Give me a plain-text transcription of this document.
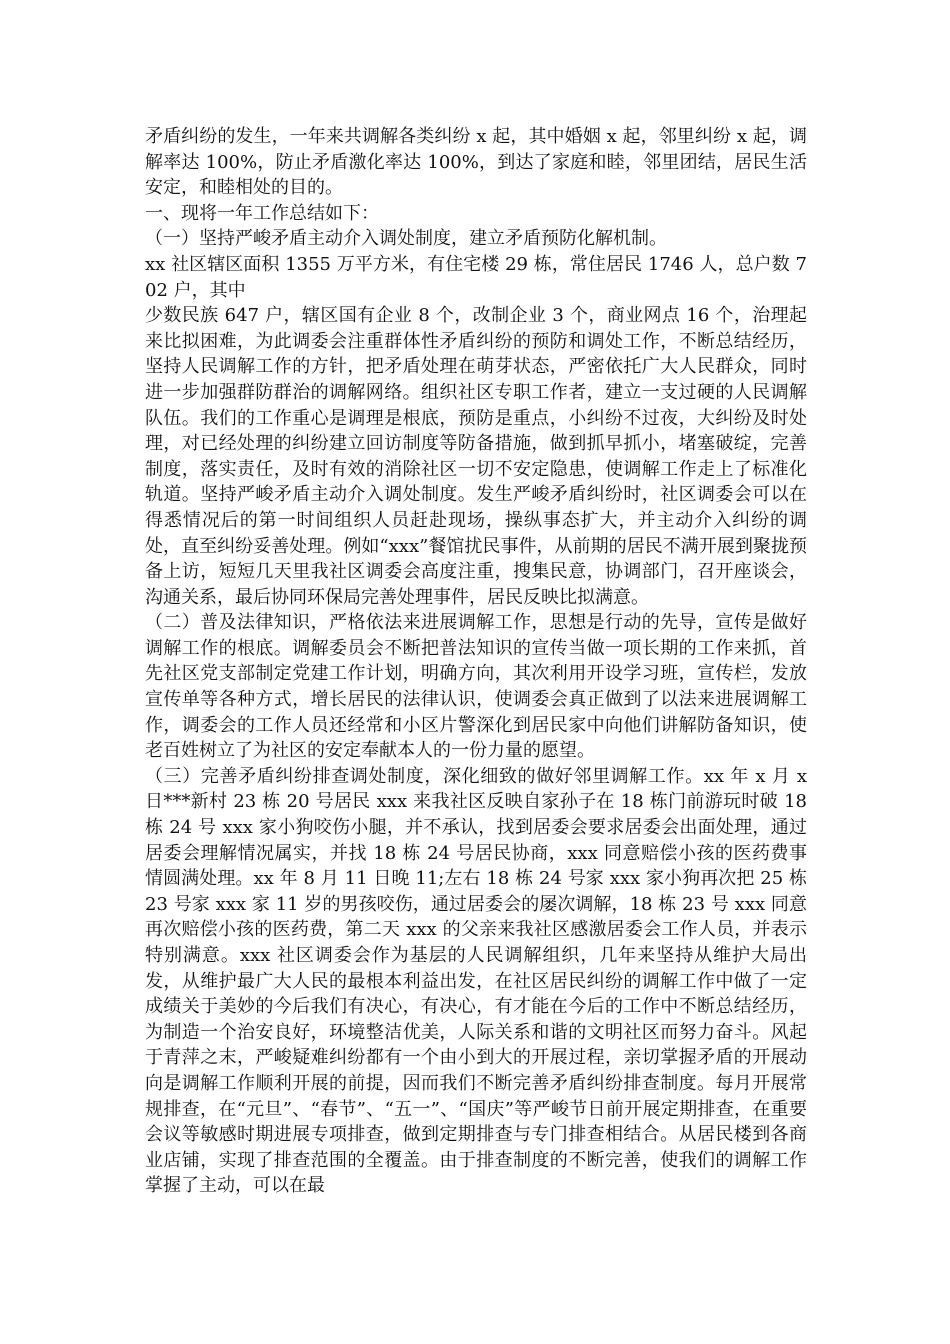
矛盾纠纷的发生，一年来共调解各类纠纷 x 起，其中婚姻 x 起，邻里纠纷 x 起，调解率达 100%，防止矛盾激化率达 100%，到达了家庭和睦，邻里团结，居民生活安定，和睦相处的目的。

一、现将一年工作总结如下：

（一）坚持严峻矛盾主动介入调处制度，建立矛盾预防化解机制。

xx 社区辖区面积 1355 万平方米，有住宅楼 29 栋，常住居民 1746 人，总户数 702 户，其中

少数民族 647 户，辖区国有企业 8 个，改制企业 3 个，商业网点 16 个，治理起来比拟困难，为此调委会注重群体性矛盾纠纷的预防和调处工作，不断总结经历，坚持人民调解工作的方针，把矛盾处理在萌芽状态，严密依托广大人民群众，同时进一步加强群防群治的调解网络。组织社区专职工作者，建立一支过硬的人民调解队伍。我们的工作重心是调理是根底，预防是重点，小纠纷不过夜，大纠纷及时处理，对已经处理的纠纷建立回访制度等防备措施，做到抓早抓小，堵塞破绽，完善制度，落实责任，及时有效的消除社区一切不安定隐患，使调解工作走上了标准化轨道。坚持严峻矛盾主动介入调处制度。发生严峻矛盾纠纷时，社区调委会可以在得悉情况后的第一时间组织人员赶赴现场，操纵事态扩大，并主动介入纠纷的调处，直至纠纷妥善处理。例如“xxx”餐馆扰民事件，从前期的居民不满开展到聚拢预备上访，短短几天里我社区调委会高度注重，搜集民意，协调部门，召开座谈会，沟通关系，最后协同环保局完善处理事件，居民反映比拟满意。

（二）普及法律知识，严格依法来进展调解工作，思想是行动的先导，宣传是做好调解工作的根底。调解委员会不断把普法知识的宣传当做一项长期的工作来抓，首先社区党支部制定党建工作计划，明确方向，其次利用开设学习班，宣传栏，发放宣传单等各种方式，增长居民的法律认识，使调委会真正做到了以法来进展调解工作，调委会的工作人员还经常和小区片警深化到居民家中向他们讲解防备知识，使老百姓树立了为社区的安定奉献本人的一份力量的愿望。

（三）完善矛盾纠纷排查调处制度，深化细致的做好邻里调解工作。xx 年 x 月 x 日***新村 23 栋 20 号居民 xxx 来我社区反映自家孙子在 18 栋门前游玩时破 18 栋 24 号 xxx 家小狗咬伤小腿，并不承认，找到居委会要求居委会出面处理，通过居委会理解情况属实，并找 18 栋 24 号居民协商，xxx 同意赔偿小孩的医药费事情圆满处理。xx 年 8 月 11 日晚 11;左右 18 栋 24 号家 xxx 家小狗再次把 25 栋 23 号家 xxx 家 11 岁的男孩咬伤，通过居委会的屡次调解，18 栋 23 号 xxx 同意再次赔偿小孩的医药费，第二天 xxx 的父亲来我社区感激居委会工作人员，并表示特别满意。xxx 社区调委会作为基层的人民调解组织，几年来坚持从维护大局出发，从维护最广大人民的最根本利益出发，在社区居民纠纷的调解工作中做了一定成绩关于美妙的今后我们有决心，有决心，有才能在今后的工作中不断总结经历，为制造一个治安良好，环境整洁优美，人际关系和谐的文明社区而努力奋斗。风起于青萍之末，严峻疑难纠纷都有一个由小到大的开展过程，亲切掌握矛盾的开展动向是调解工作顺利开展的前提，因而我们不断完善矛盾纠纷排查制度。每月开展常规排查，在“元旦”、“春节”、“五一”、“国庆”等严峻节日前开展定期排查，在重要会议等敏感时期进展专项排查，做到定期排查与专门排查相结合。从居民楼到各商业店铺，实现了排查范围的全覆盖。由于排查制度的不断完善，使我们的调解工作掌握了主动，可以在最
